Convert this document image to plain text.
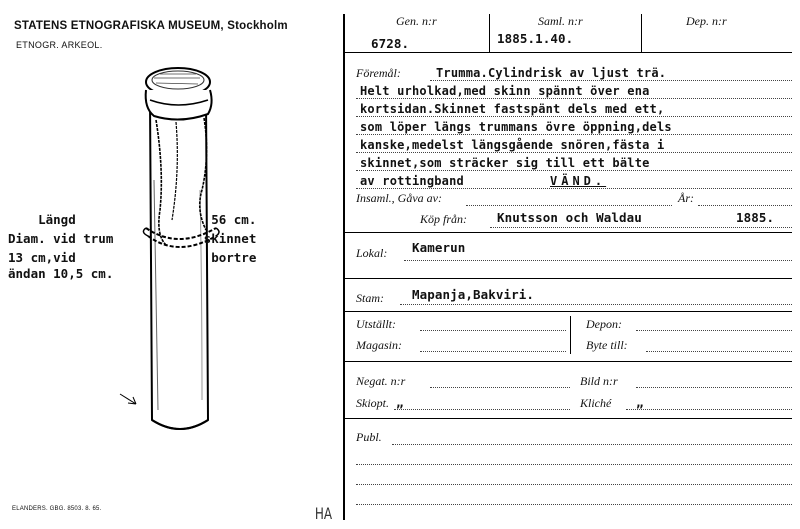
STATENS ETNOGRAFISKA MUSEUM, Stockholm
ETNOGR. ARKEOL.
Längd                  56 cm.
Diam. vid trum            skinnet
13 cm,vid                  bortre
ändan 10,5 cm.
ELANDERS. GBG. 8503. 8. 65.	HA
Gen. n:r
6728.
Saml. n:r
1885.1.40.
Dep. n:r
Föremål:	Trumma.Cylindrisk av ljust trä.
Helt urholkad,med skinn spännt över ena
kortsidan.Skinnet fastspänt dels med ett,
som löper längs trummans övre öppning,dels
kanske,medelst längsgående snören,fästa i
skinnet,som sträcker sig till ett bälte
av rottingband	VÄND.
Insaml., Gåva av:	År:
Köp från: Knutsson och Waldau	1885.
Lokal: Kamerun
Stam: Mapanja,Bakviri.
Utställt:	Depon:
Magasin:	Byte till:
Negat. n:r	Bild n:r
Skiopt. „	Kliché „
Publ.
